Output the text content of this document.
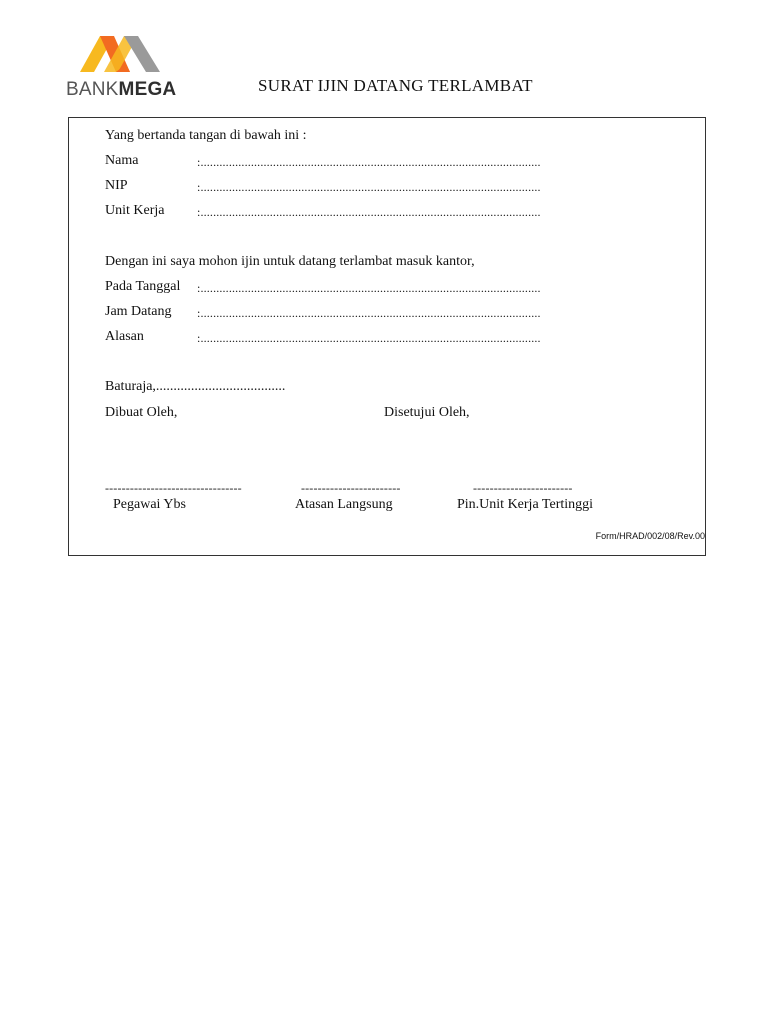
BANKMEGA	SURAT IJIN DATANG TERLAMBAT
Yang bertanda tangan di bawah ini :
Nama	:............................................................................................................
NIP	:............................................................................................................
Unit Kerja	:............................................................................................................
Dengan ini saya mohon ijin untuk datang terlambat masuk kantor,
Pada Tanggal :............................................................................................................
Jam Datang :............................................................................................................
Alasan	:............................................................................................................
Baturaja,.....................................
Dibuat Oleh,	Disetujui Oleh,
---------------------------------	------------------------	------------------------
Pegawai Ybs	Atasan Langsung	Pin.Unit Kerja Tertinggi
Form/HRAD/002/08/Rev.00
